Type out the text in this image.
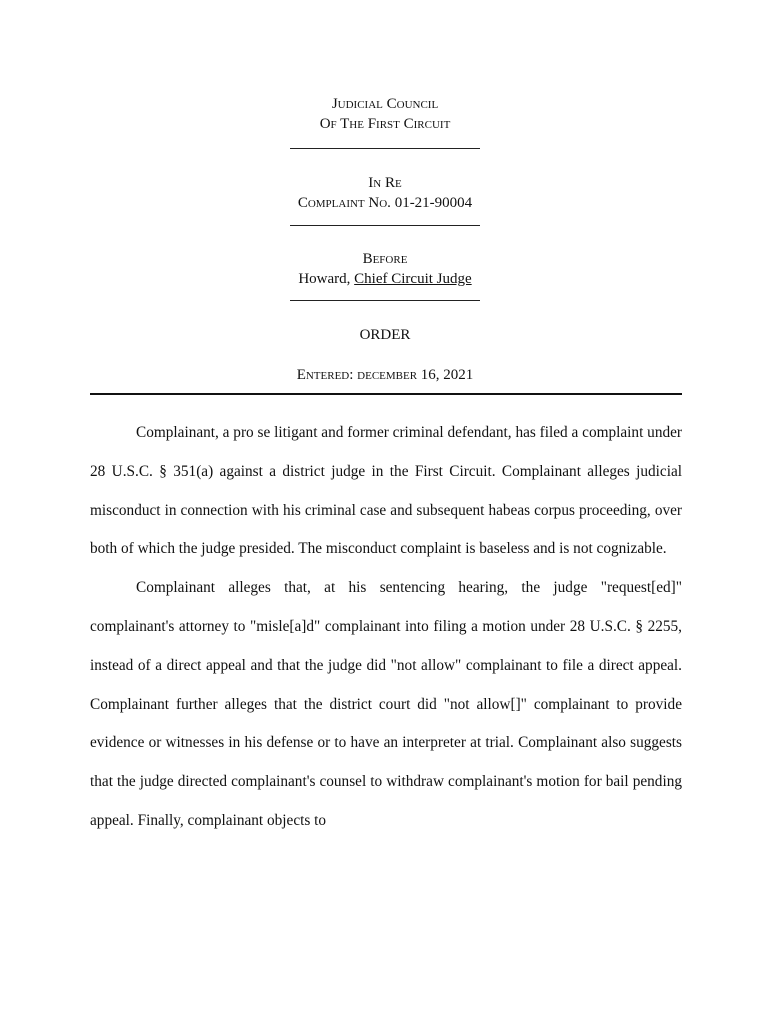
Judicial Council
Of The First Circuit
In Re
Complaint No. 01-21-90004
Before
Howard, Chief Circuit Judge
ORDER
Entered: december 16, 2021

Complainant, a pro se litigant and former criminal defendant, has filed a complaint under 28 U.S.C. § 351(a) against a district judge in the First Circuit. Complainant alleges judicial misconduct in connection with his criminal case and subsequent habeas corpus proceeding, over both of which the judge presided. The misconduct complaint is baseless and is not cognizable.

Complainant alleges that, at his sentencing hearing, the judge "request[ed]" complainant's attorney to "misle[a]d" complainant into filing a motion under 28 U.S.C. § 2255, instead of a direct appeal and that the judge did "not allow" complainant to file a direct appeal. Complainant further alleges that the district court did "not allow[]" complainant to provide evidence or witnesses in his defense or to have an interpreter at trial. Complainant also suggests that the judge directed complainant's counsel to withdraw complainant's motion for bail pending appeal. Finally, complainant objects to
